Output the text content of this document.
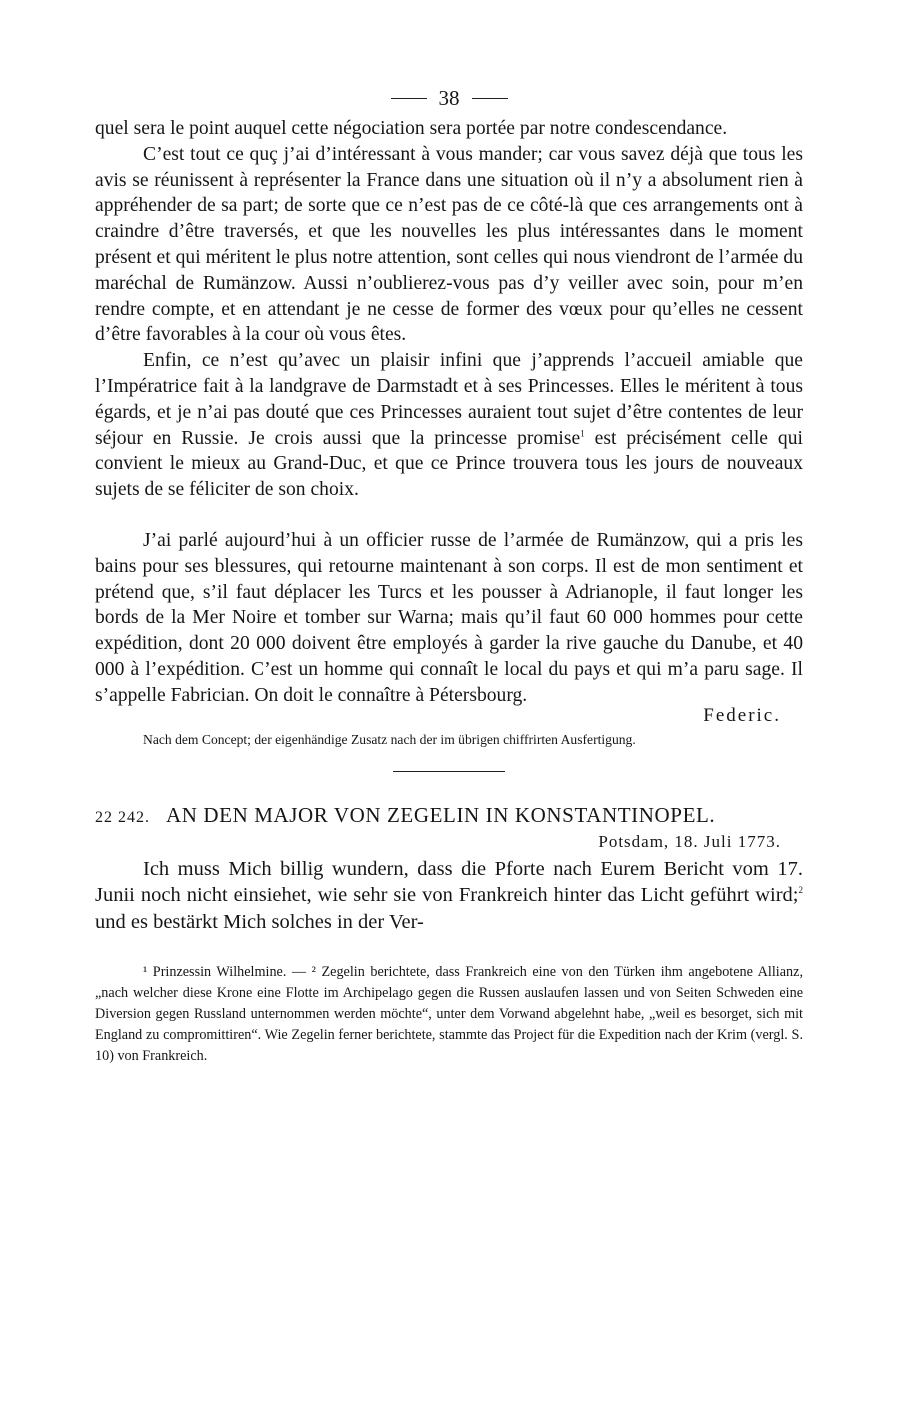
38

quel sera le point auquel cette négociation sera portée par notre condescendance.

C’est tout ce quç j’ai d’intéressant à vous mander; car vous savez déjà que tous les avis se réunissent à représenter la France dans une situation où il n’y a absolument rien à appréhender de sa part; de sorte que ce n’est pas de ce côté-là que ces arrangements ont à craindre d’être traversés, et que les nouvelles les plus intéressantes dans le moment présent et qui méritent le plus notre attention, sont celles qui nous viendront de l’armée du maréchal de Rumänzow. Aussi n’oublierez-vous pas d’y veiller avec soin, pour m’en rendre compte, et en attendant je ne cesse de former des vœux pour qu’elles ne cessent d’être favorables à la cour où vous êtes.

Enfin, ce n’est qu’avec un plaisir infini que j’apprends l’accueil amiable que l’Impératrice fait à la landgrave de Darmstadt et à ses Princesses. Elles le méritent à tous égards, et je n’ai pas douté que ces Princesses auraient tout sujet d’être contentes de leur séjour en Russie. Je crois aussi que la princesse promise$^1$ est précisément celle qui convient le mieux au Grand-Duc, et que ce Prince trouvera tous les jours de nouveaux sujets de se féliciter de son choix.

J’ai parlé aujourd’hui à un officier russe de l’armée de Rumänzow, qui a pris les bains pour ses blessures, qui retourne maintenant à son corps. Il est de mon sentiment et prétend que, s’il faut déplacer les Turcs et les pousser à Adrianople, il faut longer les bords de la Mer Noire et tomber sur Warna; mais qu’il faut 60 000 hommes pour cette expédition, dont 20 000 doivent être employés à garder la rive gauche du Danube, et 40 000 à l’expédition. C’est un homme qui connaît le local du pays et qui m’a paru sage. Il s’appelle Fabrician. On doit le connaître à Pétersbourg.

Federic.
Nach dem Concept; der eigenhändige Zusatz nach der im übrigen chiffrirten Ausfertigung.
22 242. AN DEN MAJOR VON ZEGELIN IN KONSTANTINOPEL.
Potsdam, 18. Juli 1773.

Ich muss Mich billig wundern, dass die Pforte nach Eurem Bericht vom 17. Junii noch nicht einsiehet, wie sehr sie von Frankreich hinter das Licht geführt wird;$^2$ und es bestärkt Mich solches in der Ver-

¹ Prinzessin Wilhelmine. — ² Zegelin berichtete, dass Frankreich eine von den Türken ihm angebotene Allianz, „nach welcher diese Krone eine Flotte im Archipelago gegen die Russen auslaufen lassen und von Seiten Schweden eine Diversion gegen Russland unternommen werden möchte“, unter dem Vorwand abgelehnt habe, „weil es besorget, sich mit England zu compromittiren“. Wie Zegelin ferner berichtete, stammte das Project für die Expedition nach der Krim (vergl. S. 10) von Frankreich.
